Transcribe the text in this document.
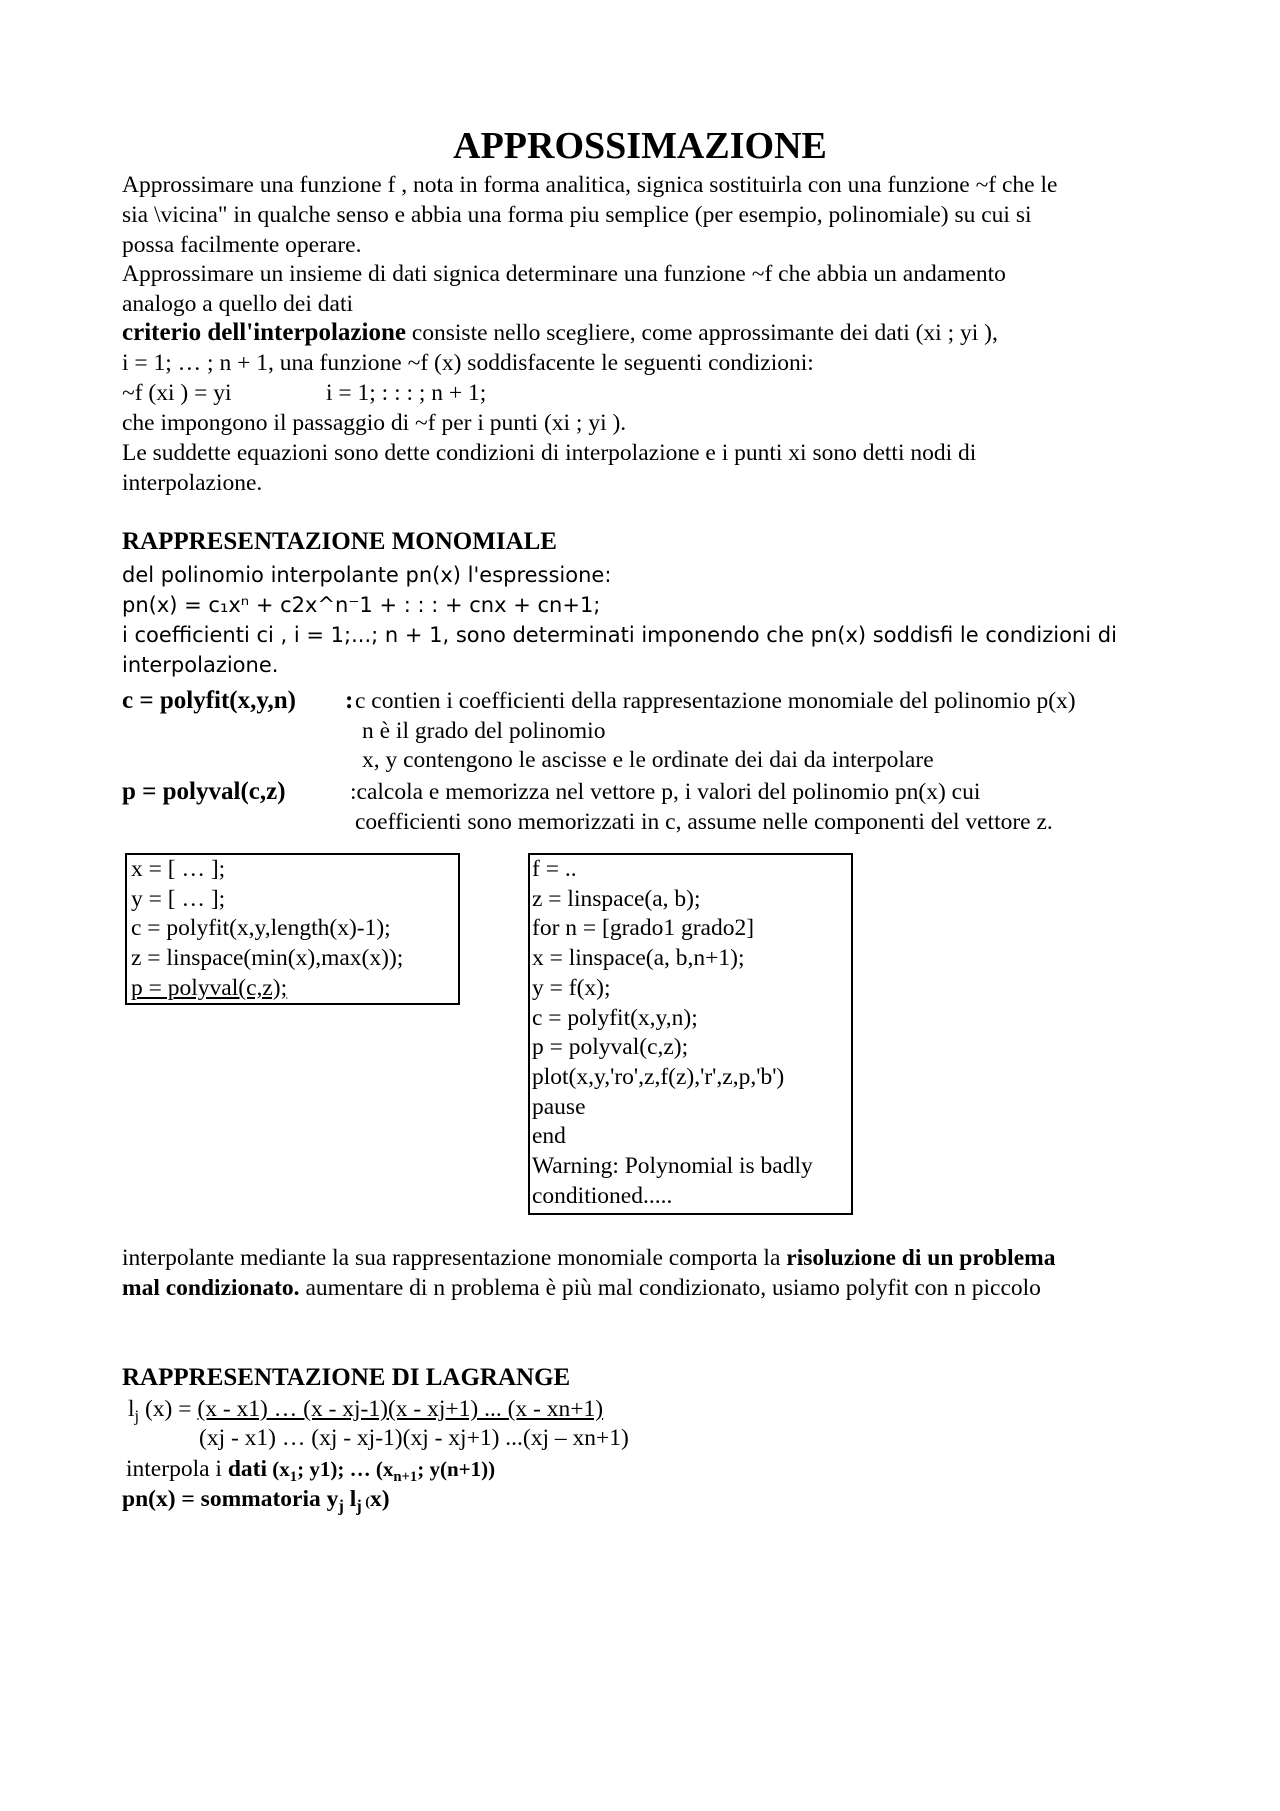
APPROSSIMAZIONE
Approssimare una funzione f , nota in forma analitica, signica sostituirla con una funzione ~f che le
sia \vicina" in qualche senso e abbia una forma piu semplice (per esempio, polinomiale) su cui si
possa facilmente operare.
Approssimare un insieme di dati signica determinare una funzione ~f che abbia un andamento
analogo a quello dei dati
criterio dell'interpolazione consiste nello scegliere, come approssimante dei dati (xi ; yi ),
i = 1; … ; n + 1, una funzione ~f (x) soddisfacente le seguenti condizioni:
~f (xi ) = yi	i = 1; : : : ; n + 1;
che impongono il passaggio di ~f per i punti (xi ; yi ).
Le suddette equazioni sono dette condizioni di interpolazione e i punti xi sono detti nodi di
interpolazione.
RAPPRESENTAZIONE MONOMIALE
del polinomio interpolante pn(x) l'espressione:
pn(x) = c₁xⁿ + c2x^n⁻1 + : : : + cnx + cn+1;
i coefficienti ci , i = 1;...; n + 1, sono determinati imponendo che pn(x) soddisfi le condizioni di
interpolazione.
c = polyfit(x,y,n) : c contien i coefficienti della rappresentazione monomiale del polinomio p(x)
n è il grado del polinomio
x, y contengono le ascisse e le ordinate dei dai da interpolare
p = polyval(c,z)	:calcola e memorizza nel vettore p, i valori del polinomio pn(x) cui
coefficienti sono memorizzati in c, assume nelle componenti del vettore z.
x = [ … ];
y = [ … ];
c = polyfit(x,y,length(x)-1);
z = linspace(min(x),max(x));
p = polyval(c,z);
f = ..
z = linspace(a, b);
for n = [grado1 grado2]
x = linspace(a, b,n+1);
y = f(x);
c = polyfit(x,y,n);
p = polyval(c,z);
plot(x,y,'ro',z,f(z),'r',z,p,'b')
pause
end
Warning: Polynomial is badly
conditioned.....
interpolante mediante la sua rappresentazione monomiale comporta la risoluzione di un problema
mal condizionato. aumentare di n problema è più mal condizionato, usiamo polyfit con n piccolo
RAPPRESENTAZIONE DI LAGRANGE
$l_j$ (x) = (x - x1) … (x - xj-1)(x - xj+1) ... (x - xn+1)
(xj - x1) … (xj - xj-1)(xj - xj+1) ...(xj – xn+1)
interpola i dati ($x_1$; y1); … ($x_{n+1}$; y(n+1))
pn(x) = sommatoria $y_j$ $l_j$ (x)
